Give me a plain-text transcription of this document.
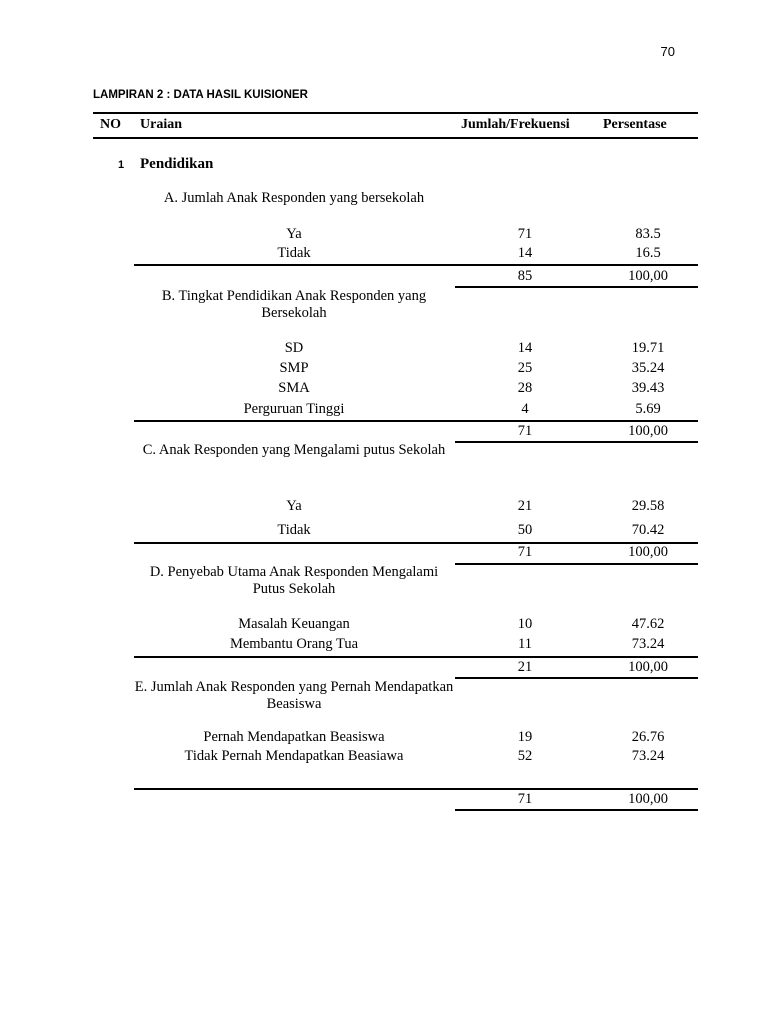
70
LAMPIRAN 2 : DATA HASIL KUISIONER
NO Uraian	Jumlah/Frekuensi Persentase
1 Pendidikan
A. Jumlah Anak Responden yang bersekolah
Ya	71	83.5
Tidak	14	16.5
85	100,00
B. Tingkat Pendidikan Anak Responden yang Bersekolah
SD	14	19.71
SMP	25	35.24
SMA	28	39.43
Perguruan Tinggi	4	5.69
71	100,00
C. Anak Responden yang Mengalami putus Sekolah
Ya	21	29.58
Tidak	50	70.42
71	100,00
D. Penyebab Utama Anak Responden Mengalami Putus Sekolah
Masalah Keuangan	10	47.62
Membantu Orang Tua	11	73.24
21	100,00
E. Jumlah Anak Responden yang Pernah Mendapatkan Beasiswa
Pernah Mendapatkan Beasiswa	19	26.76
Tidak Pernah Mendapatkan Beasiawa	52	73.24
71	100,00
